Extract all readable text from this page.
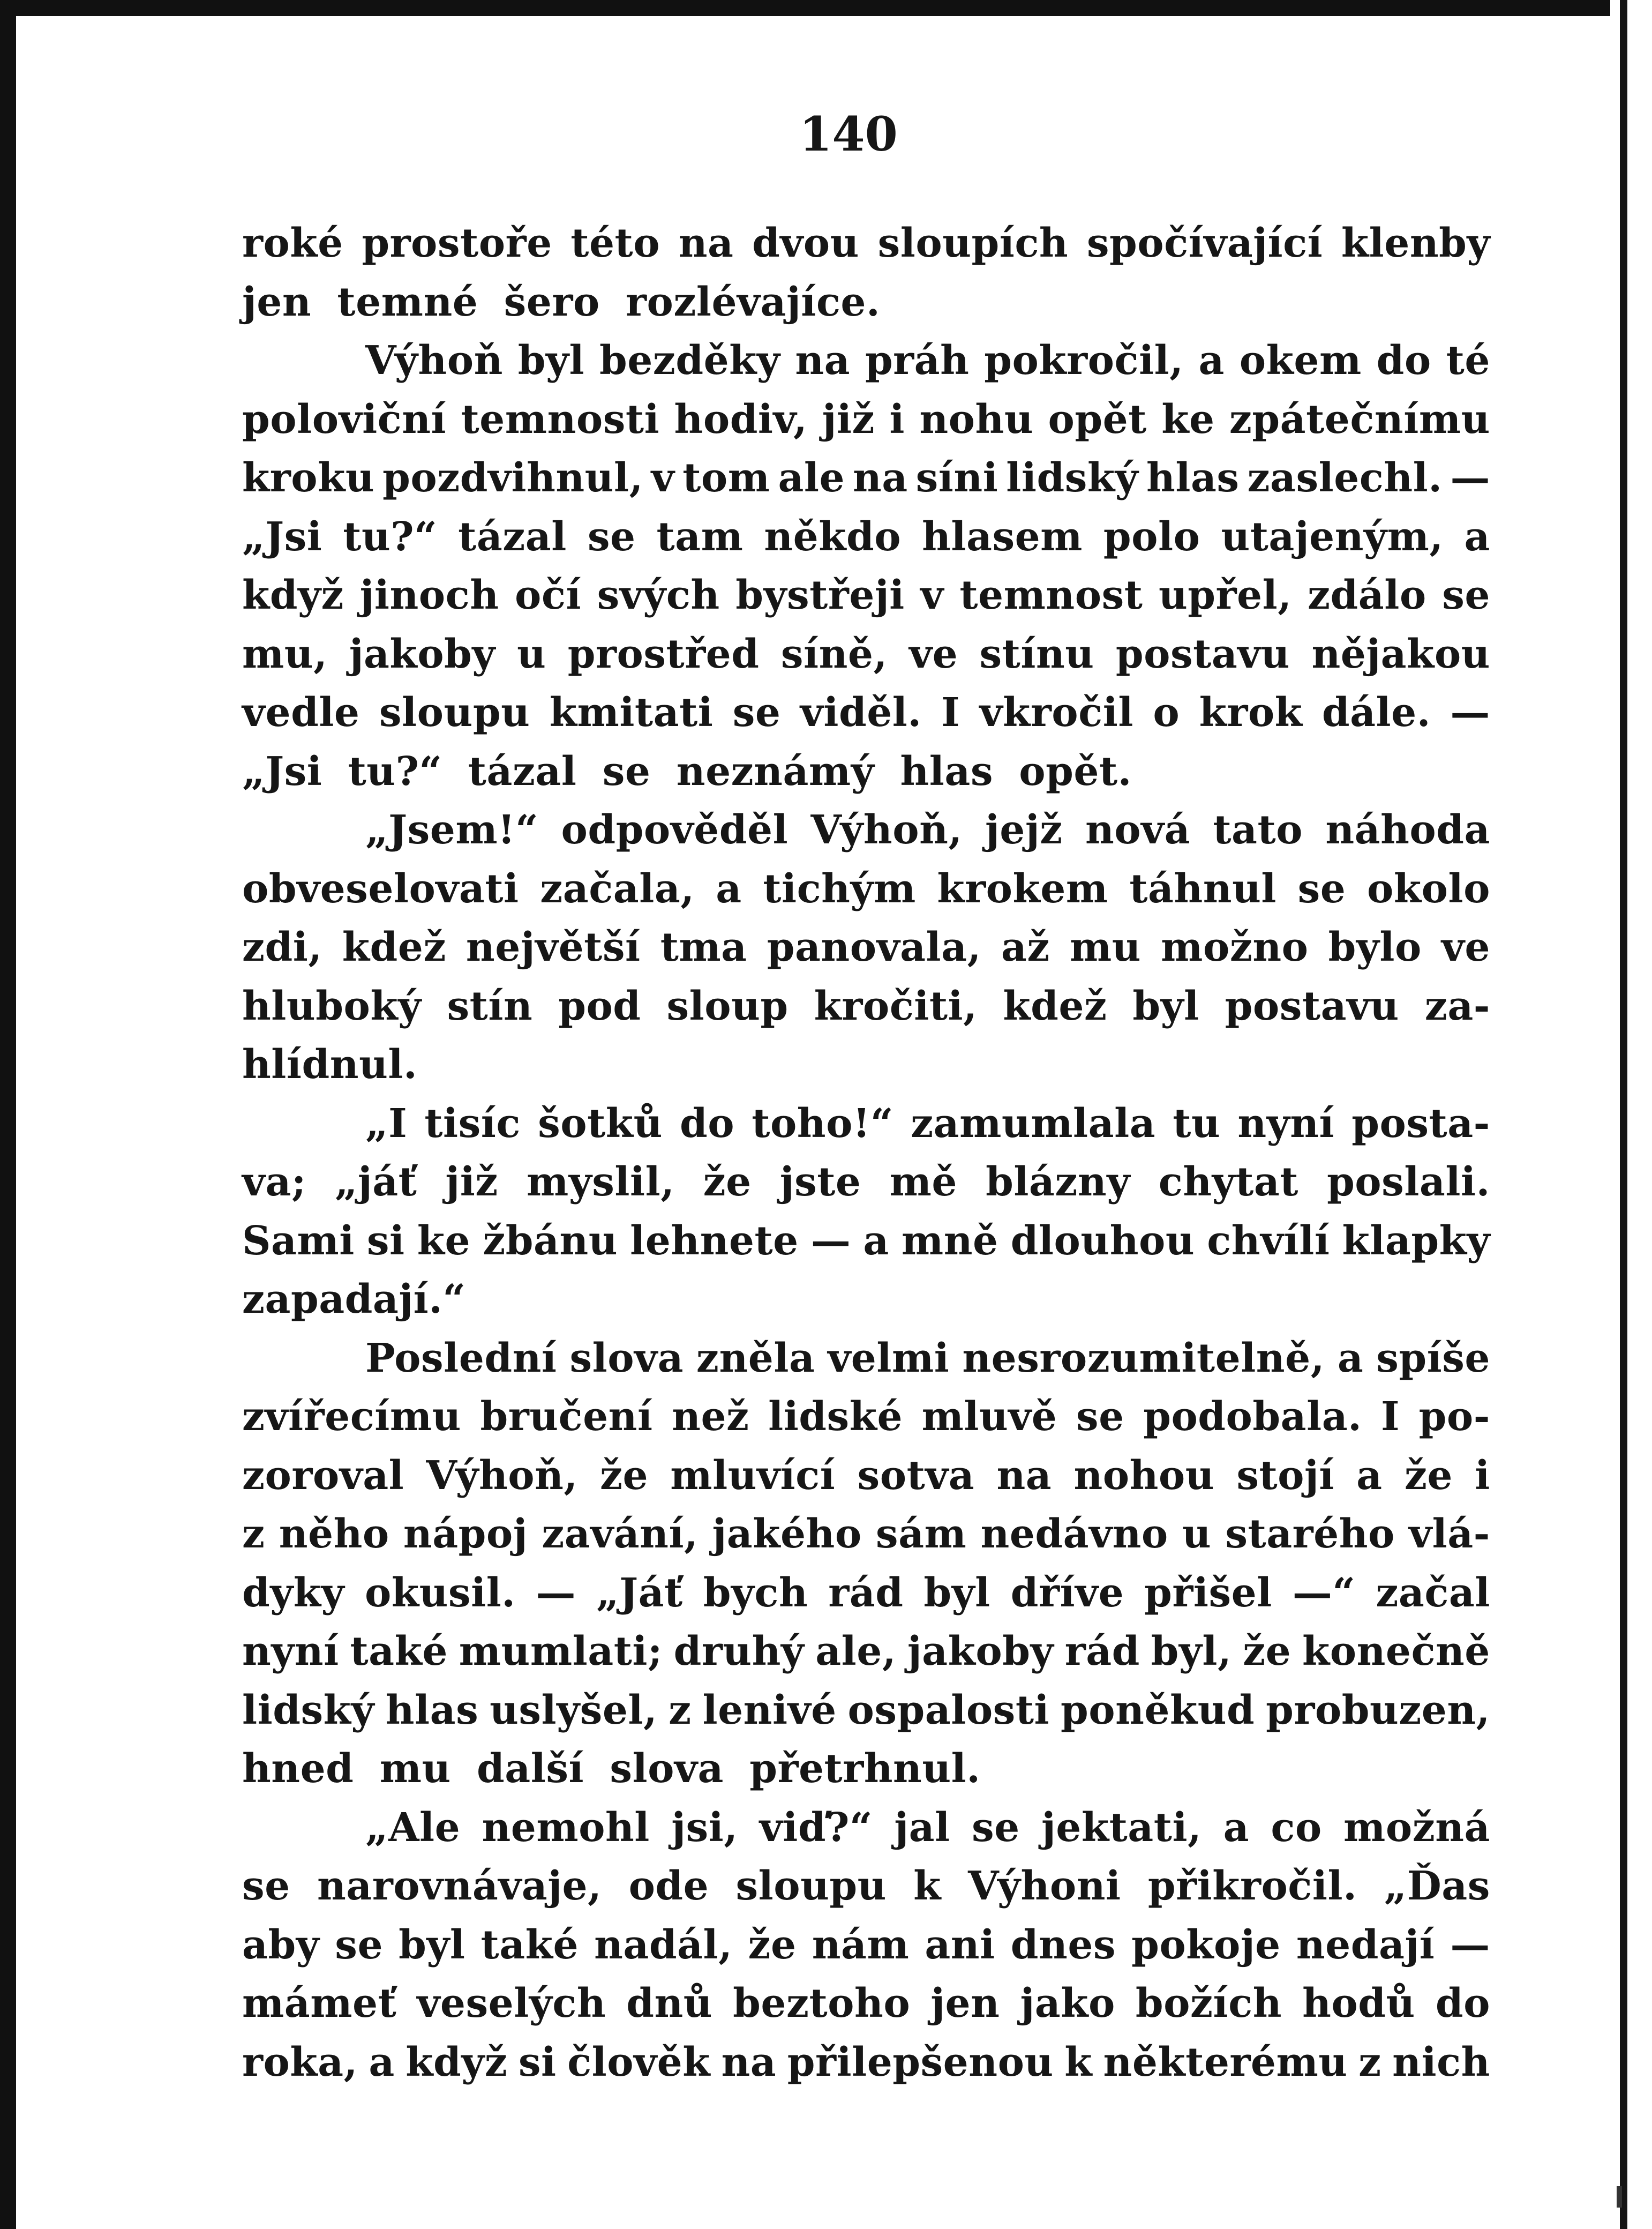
140
roké prostoře této na dvou sloupích spočívající klenby
jen temné šero rozlévajíce.
Výhoň byl bezděky na práh pokročil, a okem do té
poloviční temnosti hodiv, již i nohu opět ke zpátečnímu
kroku pozdvihnul, v tom ale na síni lidský hlas zaslechl. —
„Jsi tu?“ tázal se tam někdo hlasem polo utajeným, a
když jinoch očí svých bystřeji v temnost upřel, zdálo se
mu, jakoby u prostřed síně, ve stínu postavu nějakou
vedle sloupu kmitati se viděl. I vkročil o krok dále. —
„Jsi tu?“ tázal se neznámý hlas opět.
„Jsem!“ odpověděl Výhoň, jejž nová tato náhoda
obveselovati začala, a tichým krokem táhnul se okolo
zdi, kdež největší tma panovala, až mu možno bylo ve
hluboký stín pod sloup kročiti, kdež byl postavu za-
hlídnul.
„I tisíc šotků do toho!“ zamumlala tu nyní posta-
va; „jáť již myslil, že jste mě blázny chytat poslali.
Sami si ke žbánu lehnete — a mně dlouhou chvílí klapky
zapadají.“
Poslední slova zněla velmi nesrozumitelně, a spíše
zvířecímu bručení než lidské mluvě se podobala. I po-
zoroval Výhoň, že mluvící sotva na nohou stojí a že i
z něho nápoj zavání, jakého sám nedávno u starého vlá-
dyky okusil. — „Jáť bych rád byl dříve přišel —“ začal
nyní také mumlati; druhý ale, jakoby rád byl, že konečně
lidský hlas uslyšel, z lenivé ospalosti poněkud probuzen,
hned mu další slova přetrhnul.
„Ale nemohl jsi, viď?“ jal se jektati, a co možná
se narovnávaje, ode sloupu k Výhoni přikročil. „Ďas
aby se byl také nadál, že nám ani dnes pokoje nedají —
mámeť veselých dnů beztoho jen jako božích hodů do
roka, a když si člověk na přilepšenou k některému z nich
